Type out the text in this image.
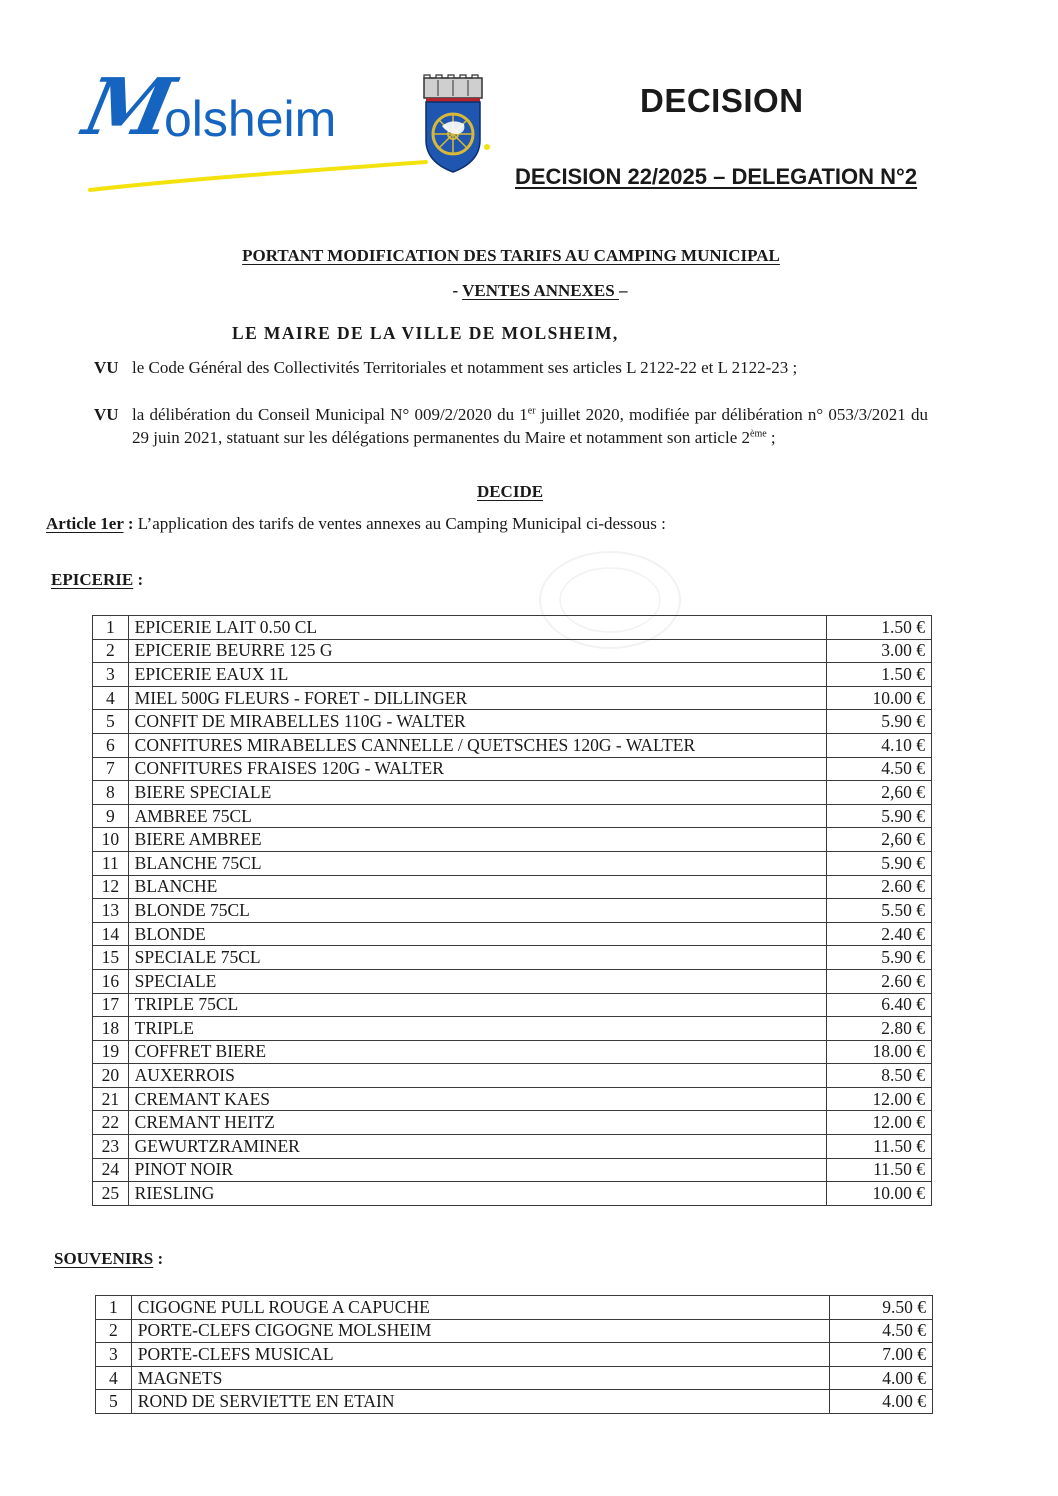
M
olsheim	DECISION
DECISION 22/2025 – DELEGATION N°2
PORTANT MODIFICATION DES TARIFS AU CAMPING MUNICIPAL
- VENTES ANNEXES –
LE MAIRE DE LA VILLE DE MOLSHEIM,
VU le Code Général des Collectivités Territoriales et notamment ses articles L 2122-22 et L 2122-23 ;
VU la délibération du Conseil Municipal N° 009/2/2020 du 1er juillet 2020, modifiée par délibération n° 053/3/2021 du 29 juin 2021, statuant sur les délégations permanentes du Maire et notamment son article 2ème ;
DECIDE
Article 1er : L’application des tarifs de ventes annexes au Camping Municipal ci-dessous :
EPICERIE :
1	EPICERIE LAIT 0.50 CL	1.50 €
2	EPICERIE BEURRE 125 G	3.00 €
3	EPICERIE EAUX 1L	1.50 €
4	MIEL 500G FLEURS - FORET - DILLINGER	10.00 €
5	CONFIT DE MIRABELLES 110G - WALTER	5.90 €
6	CONFITURES MIRABELLES CANNELLE / QUETSCHES 120G - WALTER	4.10 €
7	CONFITURES FRAISES 120G - WALTER	4.50 €
8	BIERE SPECIALE	2,60 €
9	AMBREE 75CL	5.90 €
10	BIERE AMBREE	2,60 €
11	BLANCHE 75CL	5.90 €
12	BLANCHE	2.60 €
13	BLONDE 75CL	5.50 €
14	BLONDE	2.40 €
15	SPECIALE 75CL	5.90 €
16	SPECIALE	2.60 €
17	TRIPLE 75CL	6.40 €
18	TRIPLE	2.80 €
19	COFFRET BIERE	18.00 €
20	AUXERROIS	8.50 €
21	CREMANT KAES	12.00 €
22	CREMANT HEITZ	12.00 €
23	GEWURTZRAMINER	11.50 €
24	PINOT NOIR	11.50 €
25	RIESLING	10.00 €
SOUVENIRS :
1	CIGOGNE PULL ROUGE A CAPUCHE	9.50 €
2	PORTE-CLEFS CIGOGNE MOLSHEIM	4.50 €
3	PORTE-CLEFS MUSICAL	7.00 €
4	MAGNETS	4.00 €
5	ROND DE SERVIETTE EN ETAIN	4.00 €
